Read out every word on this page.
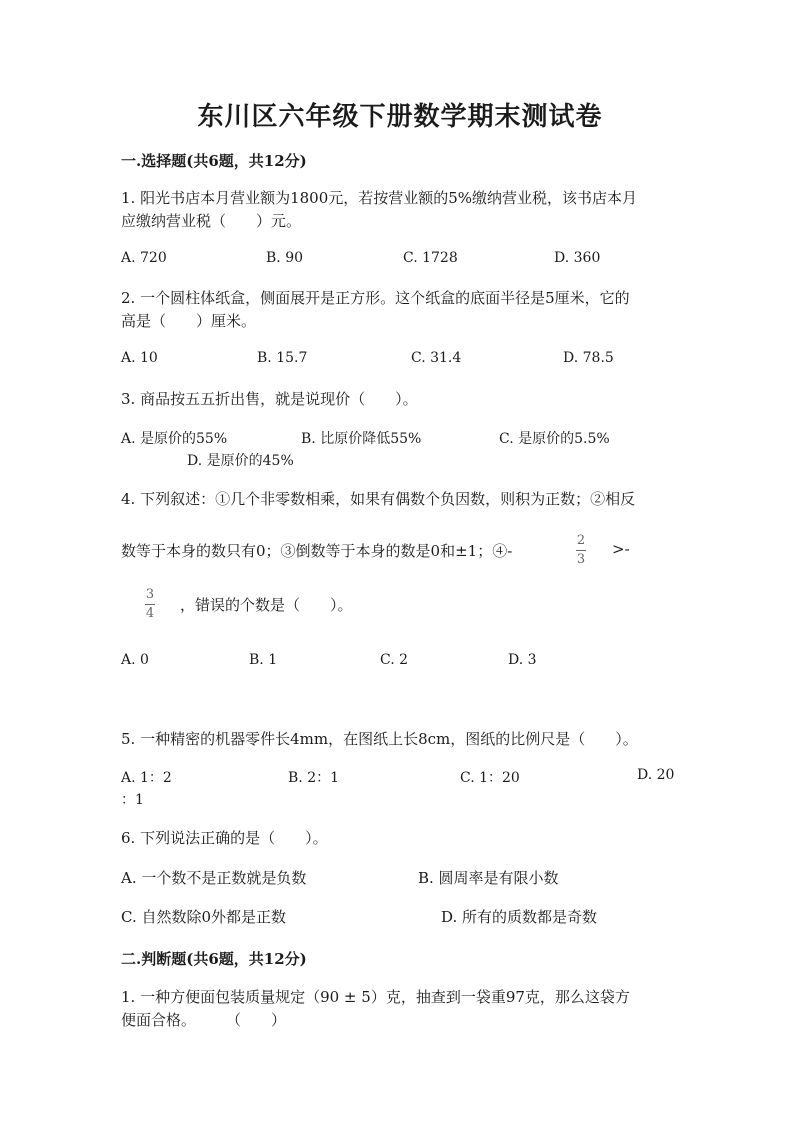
东川区六年级下册数学期末测试卷
一.选择题(共6题，共12分)
1. 阳光书店本月营业额为1800元，若按营业额的5%缴纳营业税，该书店本月
应缴纳营业税（　　）元。
A. 720	B. 90	C. 1728	D. 360
2. 一个圆柱体纸盒，侧面展开是正方形。这个纸盒的底面半径是5厘米，它的
高是（　　）厘米。
A. 10	B. 15.7	C. 31.4	D. 78.5
3. 商品按五五折出售，就是说现价（　　）。
A. 是原价的55%	B. 比原价降低55%	C. 是原价的5.5%
D. 是原价的45%
4. 下列叙述：①几个非零数相乘，如果有偶数个负因数，则积为正数；②相反
数等于本身的数只有0；③倒数等于本身的数是0和±1；④-
2
3
>-
3
4 ，错误的个数是（　　）。
A. 0	B. 1	C. 2	D. 3
5. 一种精密的机器零件长4mm，在图纸上长8cm，图纸的比例尺是（　　）。
A. 1：2	B. 2：1	C. 1：20	D. 20
：1
6. 下列说法正确的是（　　）。
A. 一个数不是正数就是负数	B. 圆周率是有限小数
C. 自然数除0外都是正数	D. 所有的质数都是奇数
二.判断题(共6题，共12分)
1. 一种方便面包装质量规定（90 ± 5）克，抽查到一袋重97克，那么这袋方
便面合格。　　　（　　）
